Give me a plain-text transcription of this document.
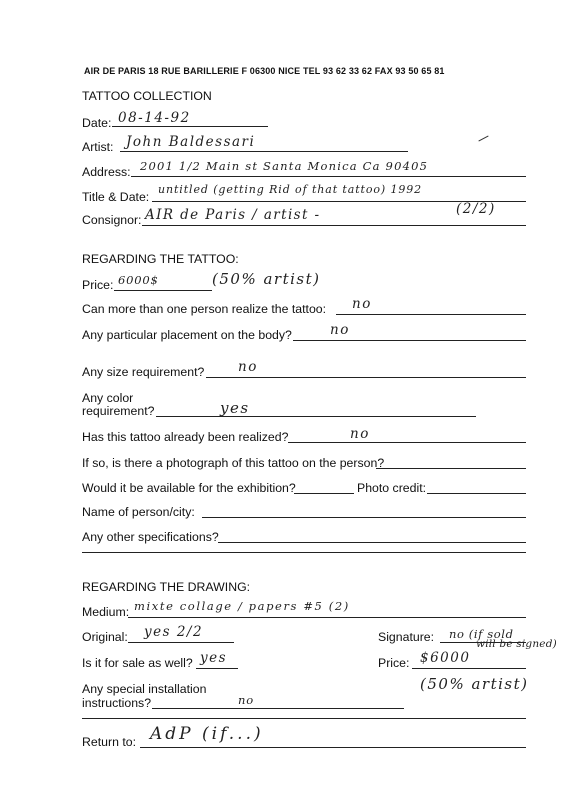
AIR DE PARIS 18 RUE BARILLERIE F 06300 NICE TEL 93 62 33 62 FAX 93 50 65 81
TATTOO COLLECTION
Date: 08-14-92
Artist: John Baldessari
Address: 2001 1/2 Main st Santa Monica Ca 90405
Title & Date:
untitled (getting Rid of that tattoo) 1992
Consignor: AIR de Paris / artist -	(2/2)
REGARDING THE TATTOO:
Price: 6000$	(50% artist)
Can more than one person realize the tattoo: no
Any particular placement on the body?	no
Any size requirement? no
Any color
requirement?	yes
Has this tattoo already been realized?	no
If so, is there a photograph of this tattoo on the person?
Would it be available for the exhibition?	Photo credit:
Name of person/city:
Any other specifications?
REGARDING THE DRAWING:
Medium: mixte collage / papers #5 (2)
Original: yes 2/2	Signature: no (if sold
will be signed)
Is it for sale as well? yes	Price: $6000
(50% artist)
Any special installation
instructions?	no
Return to: AdP (if...)
